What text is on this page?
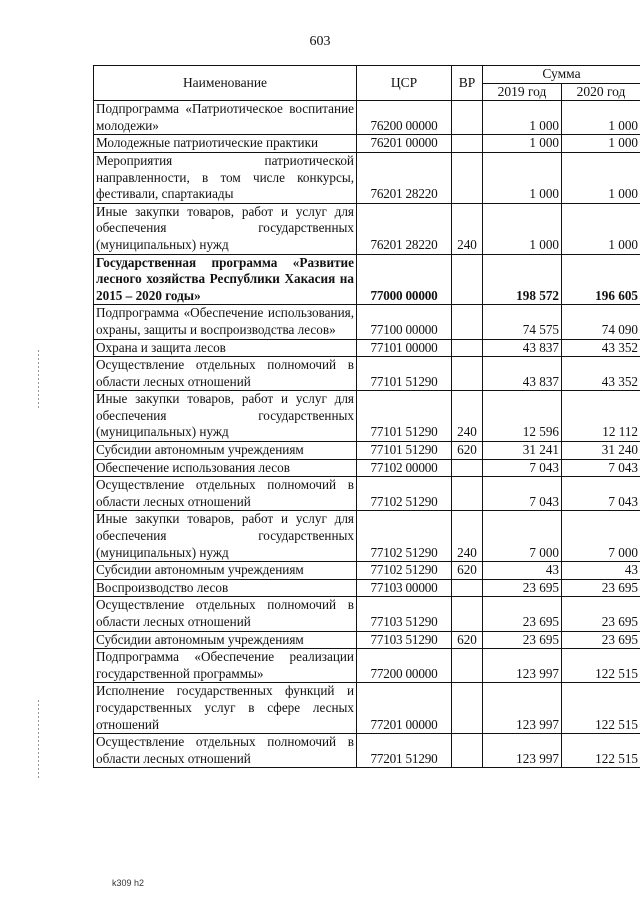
603
Наименование	ЦСР	ВР	Сумма	
			2019 год	2020 год
Подпрограмма «Патриотическое воспитание молодежи»	76200 00000		1 000	1 000
Молодежные патриотические практики	76201 00000		1 000	1 000
Мероприятия патриотической направленности, в том числе конкурсы, фестивали, спартакиады	76201 28220		1 000	1 000
Иные закупки товаров, работ и услуг для обеспечения государственных (муниципальных) нужд	76201 28220	240	1 000	1 000
Государственная программа «Развитие лесного хозяйства Республики Хакасия на 2015 – 2020 годы»	77000 00000		198 572	196 605
Подпрограмма «Обеспечение использования, охраны, защиты и воспроизводства лесов»	77100 00000		74 575	74 090
Охрана и защита лесов	77101 00000		43 837	43 352
Осуществление отдельных полномочий в области лесных отношений	77101 51290		43 837	43 352
Иные закупки товаров, работ и услуг для обеспечения государственных (муниципальных) нужд	77101 51290	240	12 596	12 112
Субсидии автономным учреждениям	77101 51290	620	31 241	31 240
Обеспечение использования лесов	77102 00000		7 043	7 043
Осуществление отдельных полномочий в области лесных отношений	77102 51290		7 043	7 043
Иные закупки товаров, работ и услуг для обеспечения государственных (муниципальных) нужд	77102 51290	240	7 000	7 000
Субсидии автономным учреждениям	77102 51290	620	43	43
Воспроизводство лесов	77103 00000		23 695	23 695
Осуществление отдельных полномочий в области лесных отношений	77103 51290		23 695	23 695
Субсидии автономным учреждениям	77103 51290	620	23 695	23 695
Подпрограмма «Обеспечение реализации государственной программы»	77200 00000		123 997	122 515
Исполнение государственных функций и государственных услуг в сфере лесных отношений	77201 00000		123 997	122 515
Осуществление отдельных полномочий в области лесных отношений	77201 51290		123 997	122 515
k309 h2
